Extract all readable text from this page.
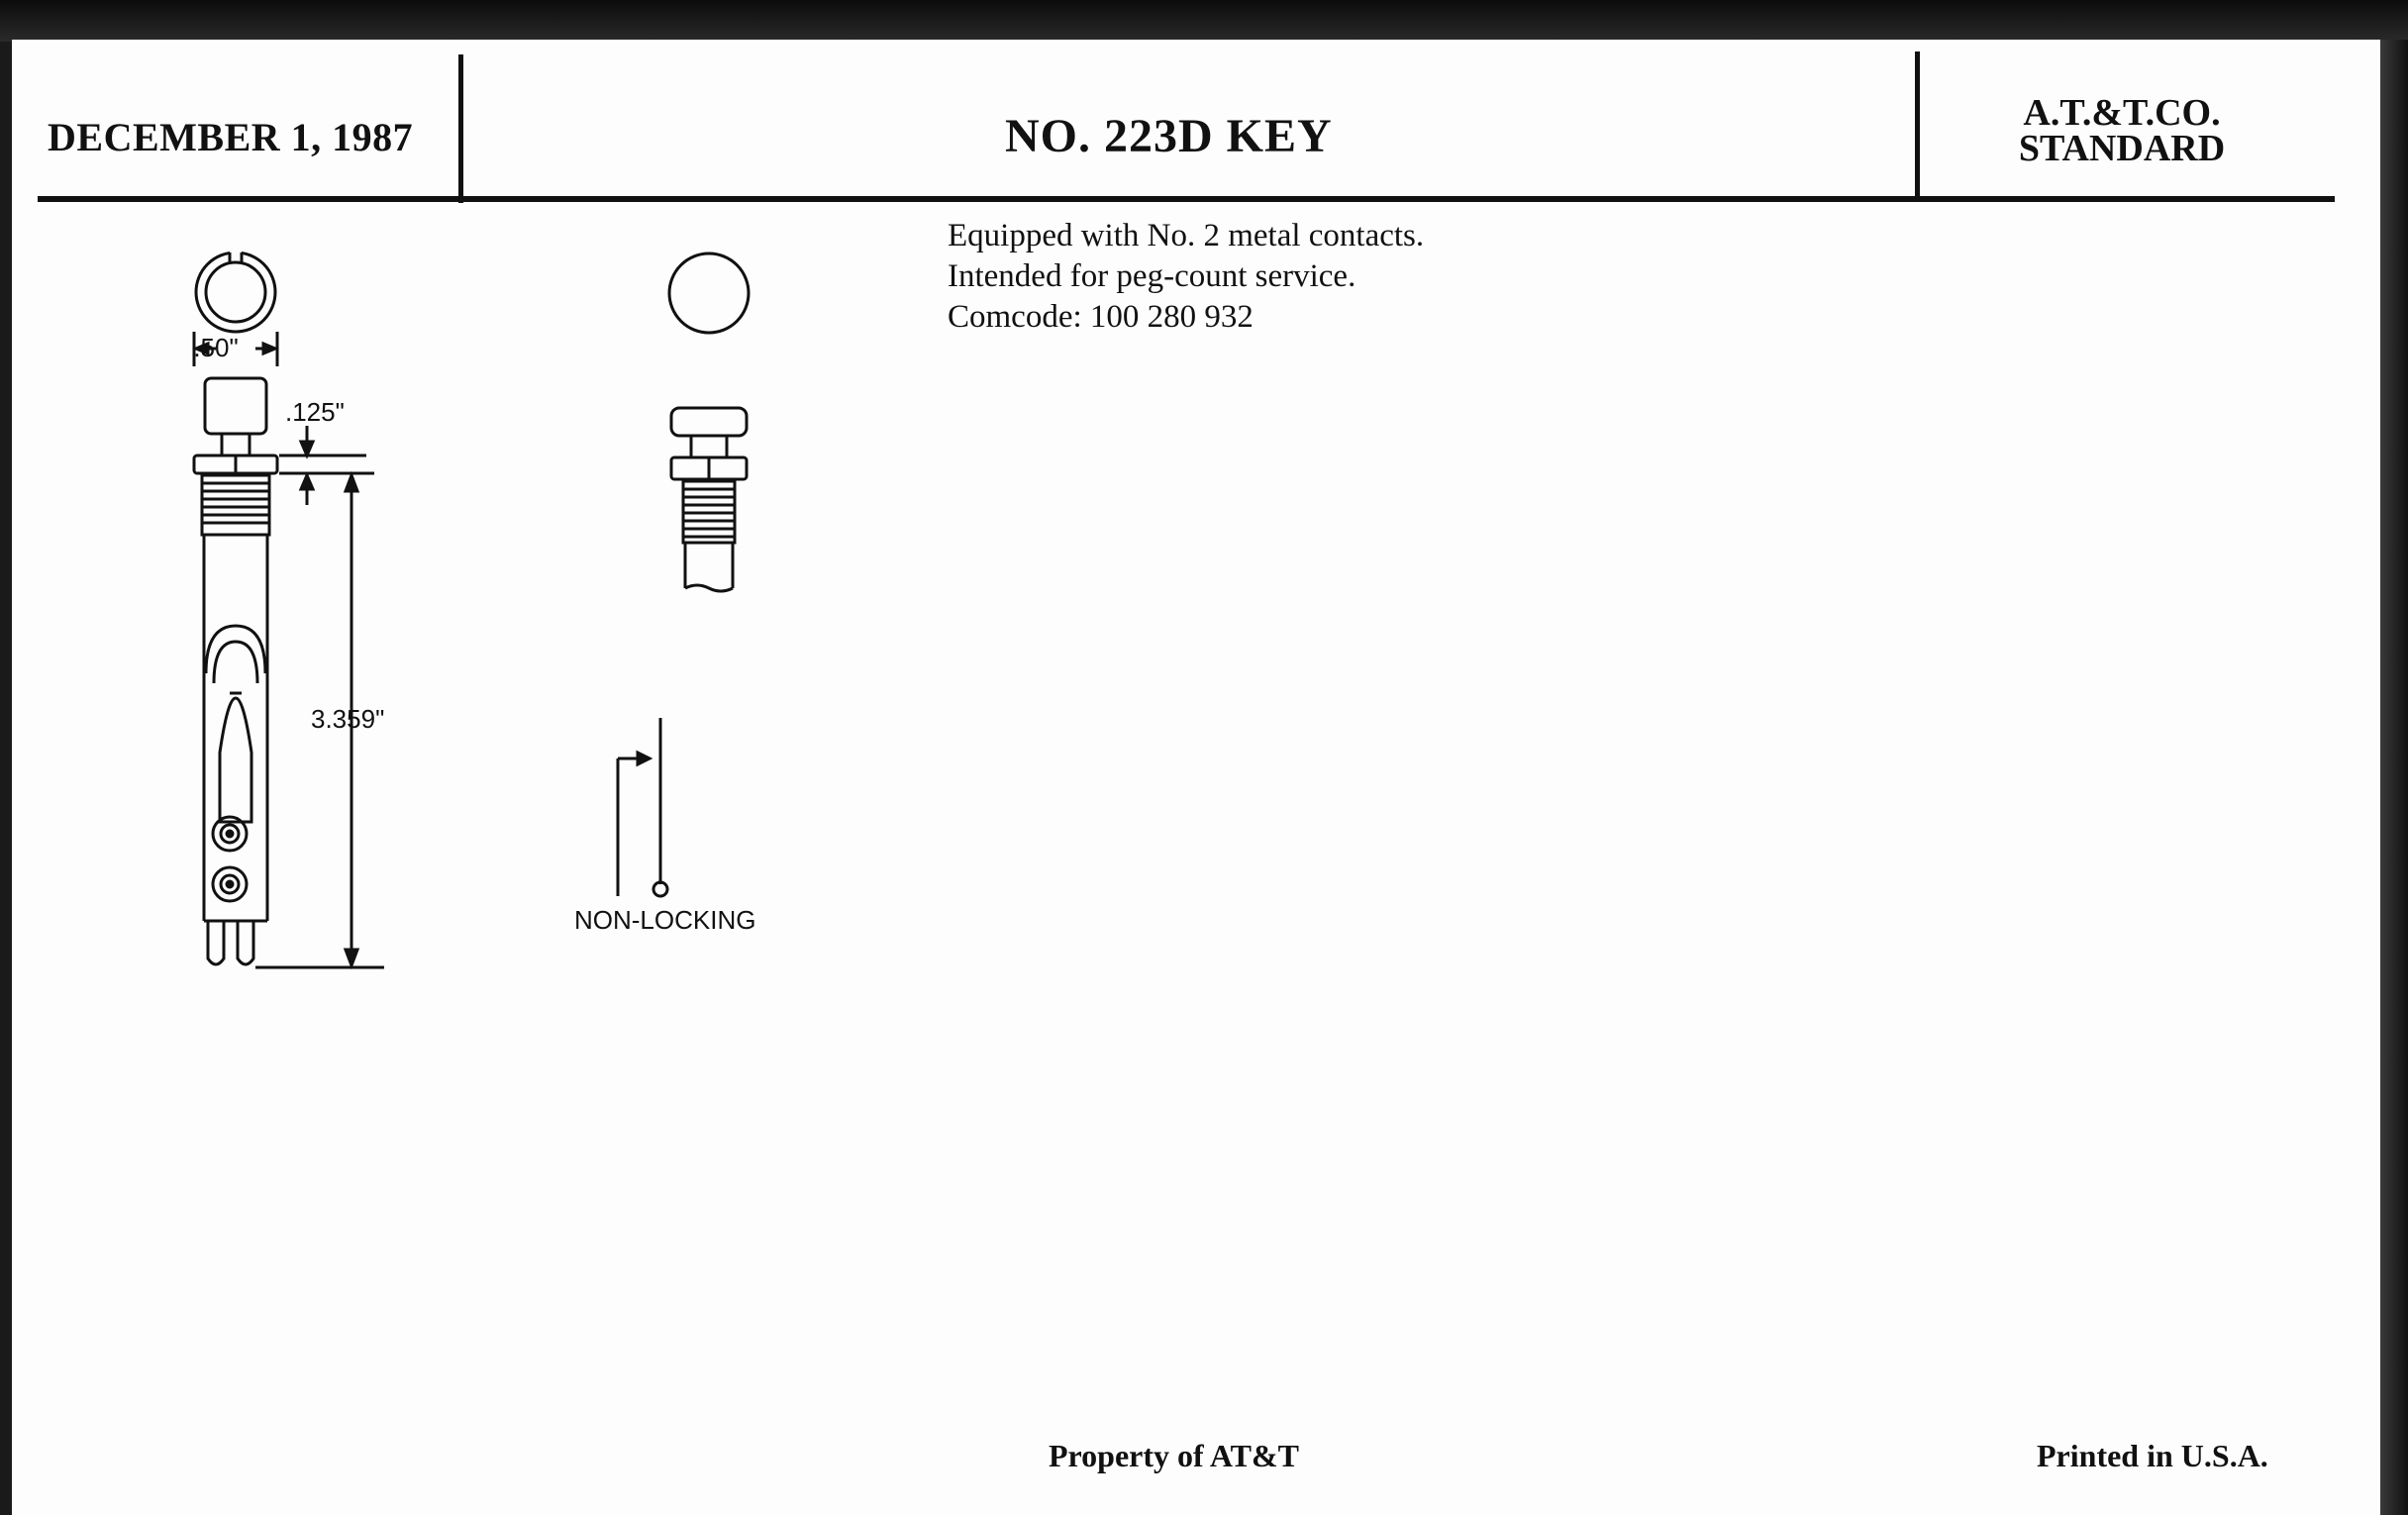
DECEMBER 1, 1987	NO. 223D KEY	A.T.&T.CO.
STANDARD
Equipped with No. 2 metal contacts.
Intended for peg-count service.
Comcode: 100 280 932
.50"
.125"
3.359"
NON-LOCKING
Property of AT&T	Printed in U.S.A.
